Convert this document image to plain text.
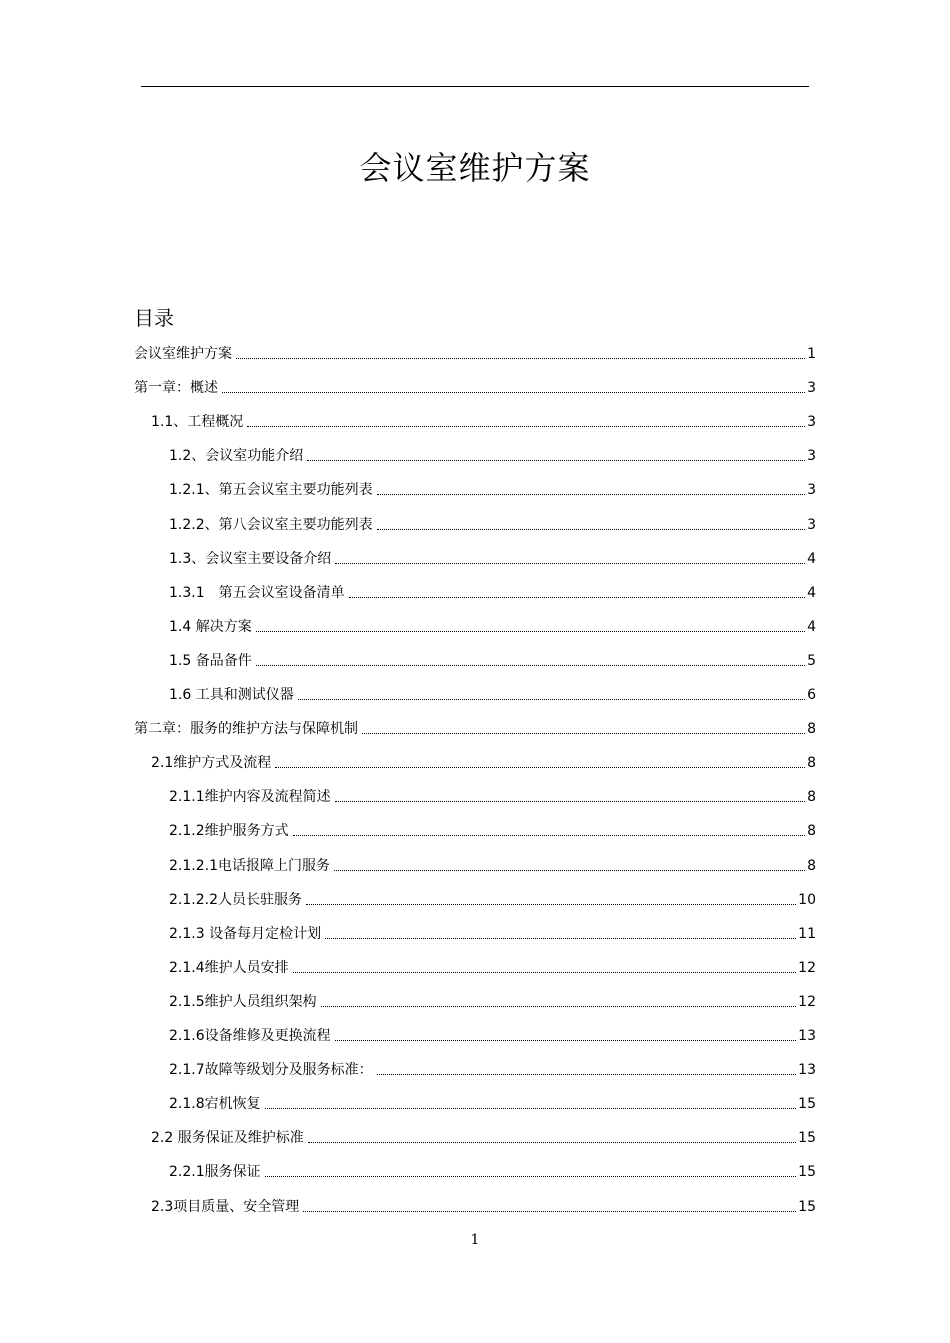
会议室维护方案
目录
会议室维护方案	1
第一章：概述	3
1.1、工程概况	3
1.2、会议室功能介绍	3
1.2.1、第五会议室主要功能列表	3
1.2.2、第八会议室主要功能列表	3
1.3、会议室主要设备介绍	4
1.3.1　第五会议室设备清单	4
1.4 解决方案	4
1.5 备品备件	5
1.6 工具和测试仪器	6
第二章：服务的维护方法与保障机制	8
2.1维护方式及流程	8
2.1.1维护内容及流程简述	8
2.1.2维护服务方式	8
2.1.2.1电话报障上门服务	8
2.1.2.2人员长驻服务	10
2.1.3 设备每月定检计划	11
2.1.4维护人员安排	12
2.1.5维护人员组织架构	12
2.1.6设备维修及更换流程	13
2.1.7故障等级划分及服务标准：	13
2.1.8宕机恢复	15
2.2 服务保证及维护标准	15
2.2.1服务保证	15
2.3项目质量、安全管理	15
1
